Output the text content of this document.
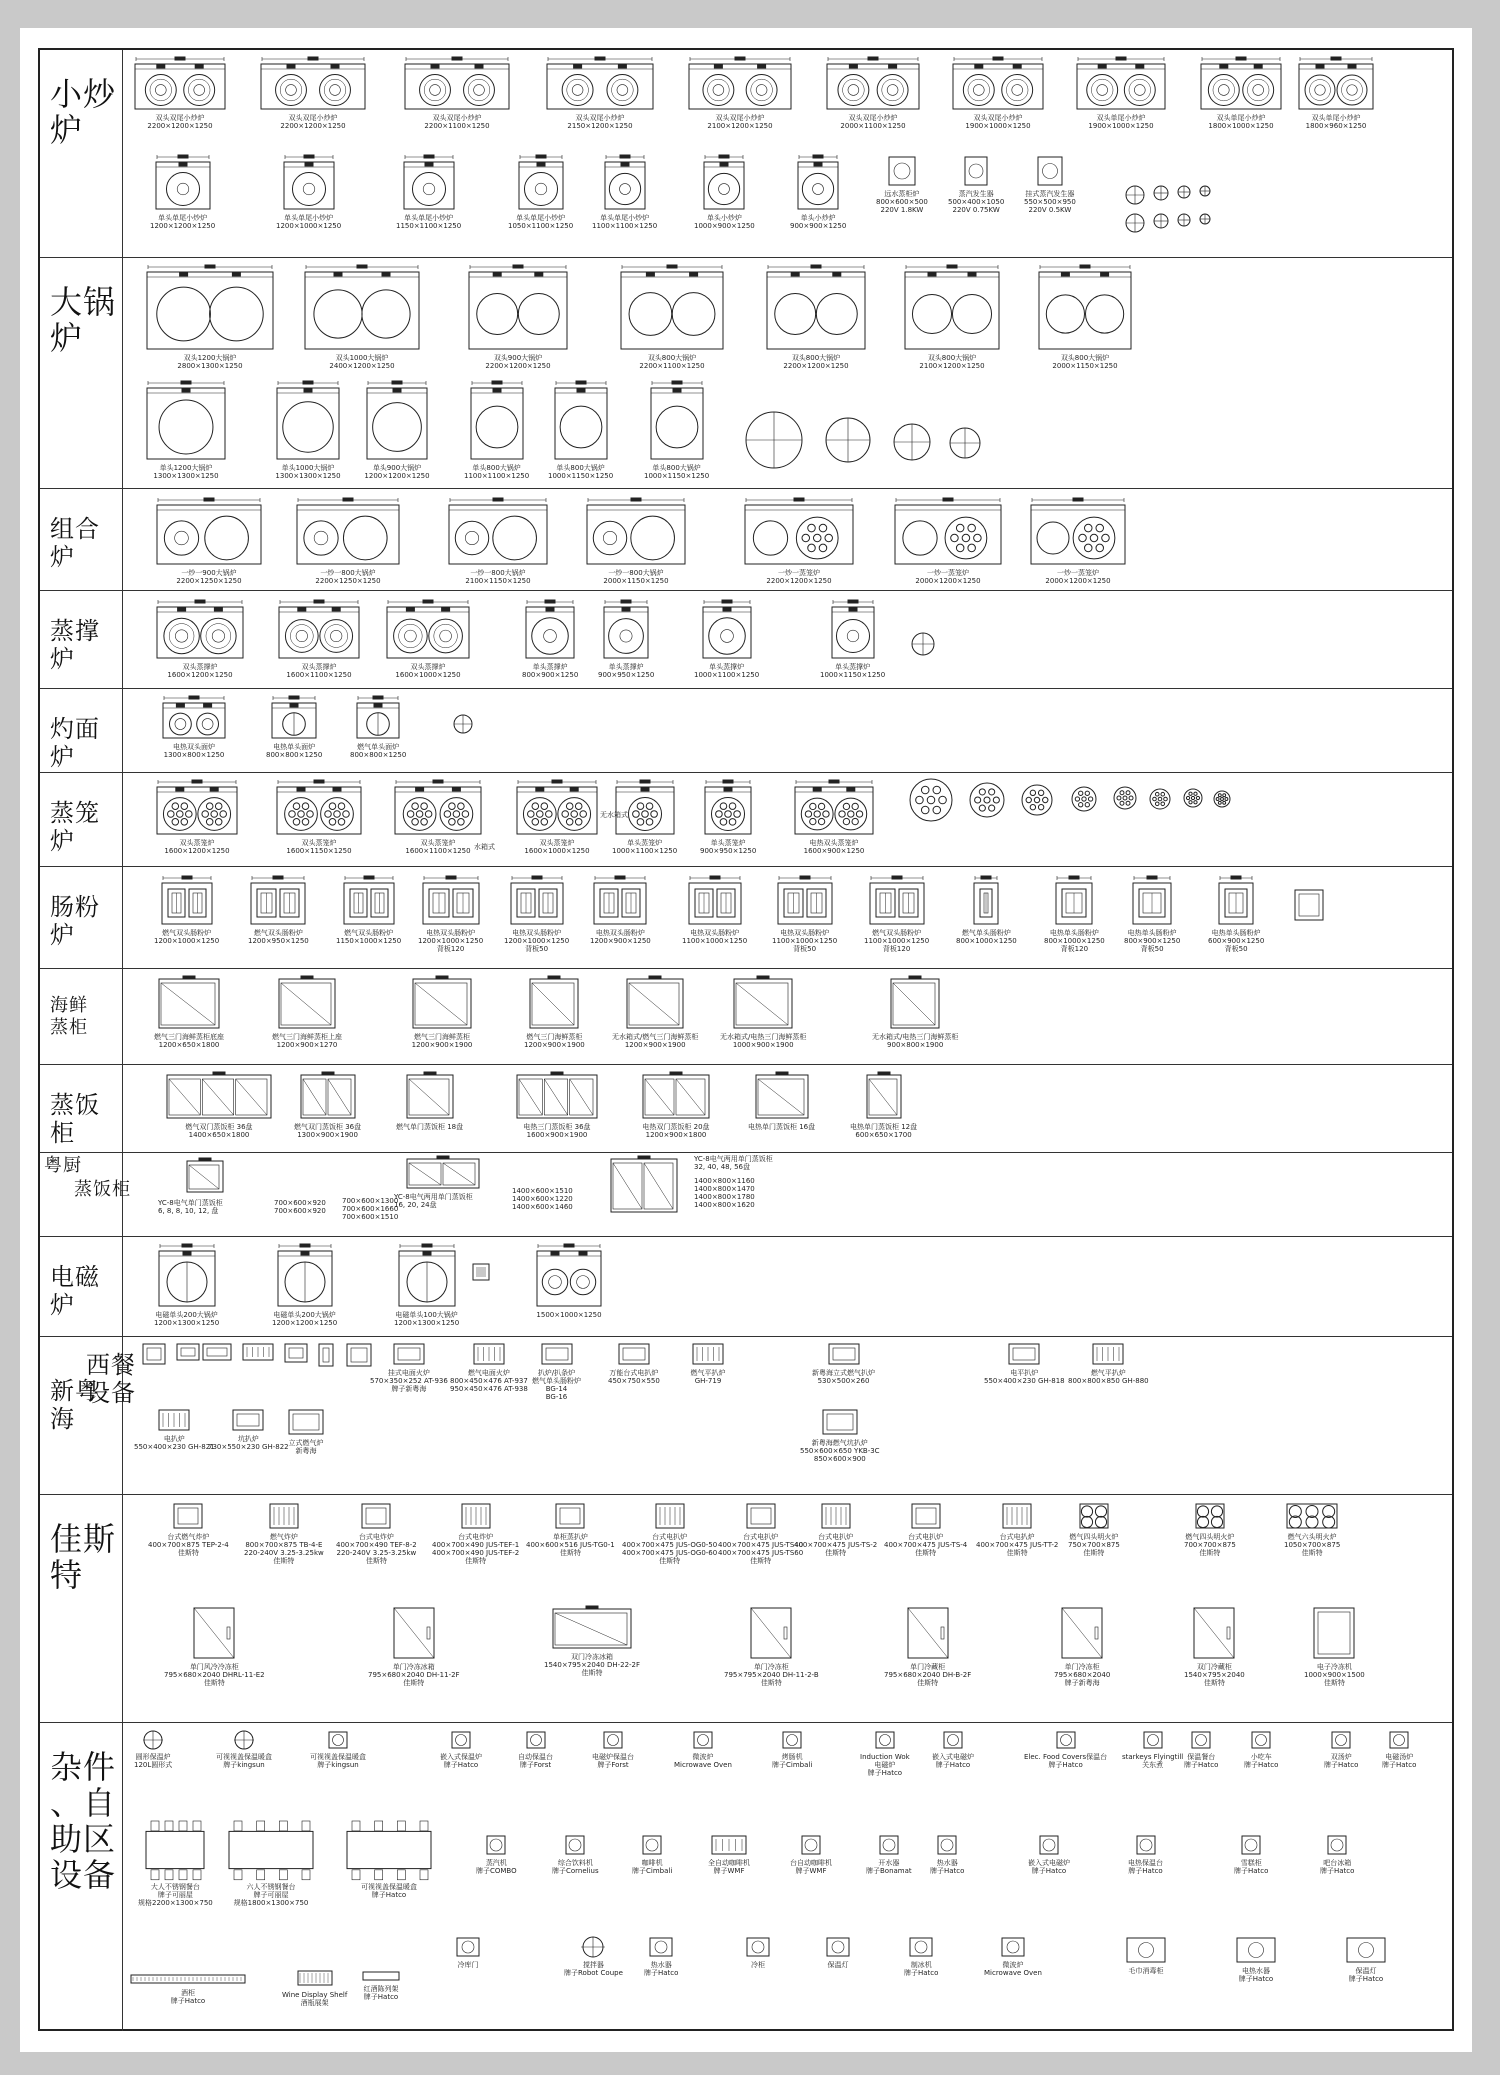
小炒
炉	双头双尾小炒炉
2200×1200×1250
双头双尾小炒炉
2200×1200×1250
双头双尾小炒炉
2200×1100×1250
双头双尾小炒炉
2150×1200×1250
双头双尾小炒炉
2100×1200×1250
双头双尾小炒炉
2000×1100×1250
双头双尾小炒炉
1900×1000×1250
双头单尾小炒炉
1900×1000×1250
双头单尾小炒炉
1800×1000×1250
双头单尾小炒炉
1800×960×1250
单头单尾小炒炉
1200×1200×1250
单头单尾小炒炉
1200×1000×1250
单头单尾小炒炉
1150×1100×1250
单头单尾小炒炉
1050×1100×1250
单头单尾小炒炉
1100×1100×1250
单头小炒炉
1000×900×1250
单头小炒炉
900×900×1250
远水蒸柜炉
800×600×500
220V 1.8KW
蒸汽发生器
500×400×1050
220V 0.75KW
挂式蒸汽发生器
550×500×950
220V 0.5KW
大锅
炉
双头1200大锅炉
2800×1300×1250
双头1000大锅炉
2400×1200×1250
双头900大锅炉
2200×1200×1250
双头800大锅炉
2200×1100×1250
双头800大锅炉
2200×1200×1250
双头800大锅炉
2100×1200×1250
双头800大锅炉
2000×1150×1250
单头1200大锅炉
1300×1300×1250
单头1000大锅炉
1300×1300×1250
单头900大锅炉
1200×1200×1250
单头800大锅炉
1100×1100×1250
单头800大锅炉
1000×1150×1250
单头800大锅炉
1000×1150×1250
组合
炉
一炒一900大锅炉
2200×1250×1250
一炒一800大锅炉
2200×1250×1250
一炒一800大锅炉
2100×1150×1250
一炒一800大锅炉
2000×1150×1250
一炒一蒸笼炉
2200×1200×1250
一炒一蒸笼炉
2000×1200×1250
一炒一蒸笼炉
2000×1200×1250
蒸撑
炉	双头蒸撑炉
1600×1200×1250
双头蒸撑炉
1600×1100×1250
双头蒸撑炉
1600×1000×1250
单头蒸撑炉
800×900×1250
单头蒸撑炉
900×950×1250
单头蒸撑炉
1000×1100×1250
单头蒸撑炉
1000×1150×1250
灼面
炉	电热双头面炉
1300×800×1250
电热单头面炉
800×800×1250
燃气单头面炉
800×800×1250
蒸笼
炉	双头蒸笼炉
1600×1200×1250
双头蒸笼炉
1600×1150×1250
双头蒸笼炉
1600×1100×1250
双头蒸笼炉
1600×1000×1250
单头蒸笼炉
1000×1100×1250
单头蒸笼炉
900×950×1250
电热双头蒸笼炉
1600×900×1250
无水箱式
水箱式
肠粉
炉	燃气双头肠粉炉
1200×1000×1250
燃气双头肠粉炉
1200×950×1250
燃气双头肠粉炉
1150×1000×1250
电热双头肠粉炉
1200×1000×1250
背板120
电热双头肠粉炉
1200×1000×1250
背板50
电热双头肠粉炉
1200×900×1250
电热双头肠粉炉
1100×1000×1250
电热双头肠粉炉
1100×1000×1250
背板50
燃气双头肠粉炉
1100×1000×1250
背板120
燃气单头肠粉炉
800×1000×1250
电热单头肠粉炉
800×1000×1250
背板120
电热单头肠粉炉
800×900×1250
背板50
电热单头肠粉炉
600×900×1250
背板50
海鲜
蒸柜	燃气三门海鲜蒸柜底座
1200×650×1800
燃气三门海鲜蒸柜上座
1200×900×1270
燃气三门海鲜蒸柜
1200×900×1900
燃气三门海鲜蒸柜
1200×900×1900
无水箱式/燃气三门海鲜蒸柜
1200×900×1900
无水箱式/电热三门海鲜蒸柜
1000×900×1900
无水箱式/电热三门海鲜蒸柜
900×800×1900
蒸饭
柜	燃气双门蒸饭柜 36盘
1400×650×1800
燃气双门蒸饭柜 36盘
1300×900×1900
燃气单门蒸饭柜 18盘	电热三门蒸饭柜 36盘
1600×900×1900
电热双门蒸饭柜 20盘
1200×900×1800
电热单门蒸饭柜 16盘	电热单门蒸饭柜 12盘
600×650×1700
粤厨
YC-8电气单门蒸饭柜
6, 8, 8, 10, 12, 盘
700×600×920
700×600×920
700×600×1300
700×600×1660
700×600×1510
YC-8电气两用单门蒸饭柜
16, 20, 24盘
1400×600×1510
1400×600×1220
1400×600×1460
YC-8电气两用单门蒸饭柜
32, 40, 48, 56盘
1400×800×1160
1400×800×1470
1400×800×1780
1400×800×1620
蒸饭柜
电磁
炉	电磁单头200大锅炉
1200×1300×1250
电磁单头200大锅炉
1200×1200×1250
电磁单头100大锅炉
1200×1300×1250
1500×1000×1250
新粤
海
电扒炉
550×400×230 GH-821
坑扒炉
730×550×230 GH-822
挂式电面火炉
570×350×252 AT-936
牌子新粤海
燃气电面火炉
800×450×476 AT-937
950×450×476 AT-938
扒炉/扒条炉
燃气单头肠粉炉
BG-14
BG-16
万能台式电扒炉
450×750×550
燃气平扒炉
GH-719
新粤海立式燃气扒炉
530×500×260
电平扒炉
550×400×230 GH-818
燃气平扒炉
800×800×850 GH-880
立式燃气炉
新粤海
新粤海燃气坑扒炉
550×600×650 YKB-3C
850×600×900
西餐
设备
佳斯
特
台式燃气炸炉
400×700×875 TEP-2-4
佳斯特
燃气炸炉
800×700×875 TB-4-E
220-240V 3.25-3.25kw
佳斯特
台式电炸炉
400×700×490 TEF-8-2
220-240V 3.25-3.25kw
佳斯特
台式电炸炉
400×700×490 JUS-TEF-1
400×700×490 JUS-TEF-2
佳斯特
单柜蒸扒炉
400×600×516 JUS-TG0-1
佳斯特
台式电扒炉
400×700×475 JUS-OG0-50
400×700×475 JUS-OG0-60
佳斯特
台式电扒炉
400×700×475 JUS-TS40
400×700×475 JUS-TS60
佳斯特
台式电扒炉
400×700×475 JUS-TS-2
佳斯特
台式电扒炉
400×700×475 JUS-TS-4
佳斯特
台式电扒炉
400×700×475 JUS-TT-2
佳斯特
燃气四头明火炉
750×700×875
佳斯特
燃气四头明火炉
700×700×875
佳斯特
燃气六头明火炉
1050×700×875
佳斯特
单门风冷冷冻柜
795×680×2040 DHRL-11-E2
佳斯特
单门冷冻冰箱
795×680×2040 DH-11-2F
佳斯特
双门冷冻冰箱
1540×795×2040 DH-22-2F
佳斯特
单门冷冻柜
795×795×2040 DH-11-2-B
佳斯特
单门冷藏柜
795×680×2040 DH-B-2F
佳斯特
单门冷冻柜
795×680×2040
牌子新粤海
双门冷藏柜
1540×795×2040
佳斯特
电子冷冻机
1000×900×1500
佳斯特
杂件
、自
助区
设备
圆形保温炉
120L圆形式
可视视盖保温暖盒
牌子kingsun
可视视盖保温暖盒
牌子kingsun
嵌入式保温炉
牌子Hatco
自动保温台
牌子Forst
电磁炉保温台
牌子Forst
微波炉
Microwave Oven
烤肠机
牌子Cimbali
Induction Wok
电磁炉
牌子Hatco
嵌入式电磁炉
牌子Hatco
Elec. Food Covers保温台
牌子Hatco
starkeys Flyingtill
关东煮
保温餐台
牌子Hatco
小吃车
牌子Hatco
双汤炉
牌子Hatco
电磁汤炉
牌子Hatco
大人不锈钢餐台
牌子可丽屋
规格2200×1300×750
六人不锈钢餐台
牌子可丽屋
规格1800×1300×750
可视视盖保温暖盒
牌子Hatco
蒸汽机
牌子COMBO
综合饮料机
牌子Cornelius
咖啡机
牌子Cimbali
全自动咖啡机
牌子WMF
台自动咖啡机
牌子WMF
开水器
牌子Bonamat
热水器
牌子Hatco
嵌入式电磁炉
牌子Hatco
电热保温台
牌子Hatco
雪糕柜
牌子Hatco
吧台冰箱
牌子Hatco
酒柜
牌子Hatco
Wine Display Shelf
酒瓶展架
红酒陈列架
牌子Hatco
冷库门	搅拌器
牌子Robot Coupe
热水器
牌子Hatco
冷柜	保温灯	制冰机
牌子Hatco
微波炉
Microwave Oven	毛巾消毒柜	电热水器
牌子Hatco
保温灯
牌子Hatco
